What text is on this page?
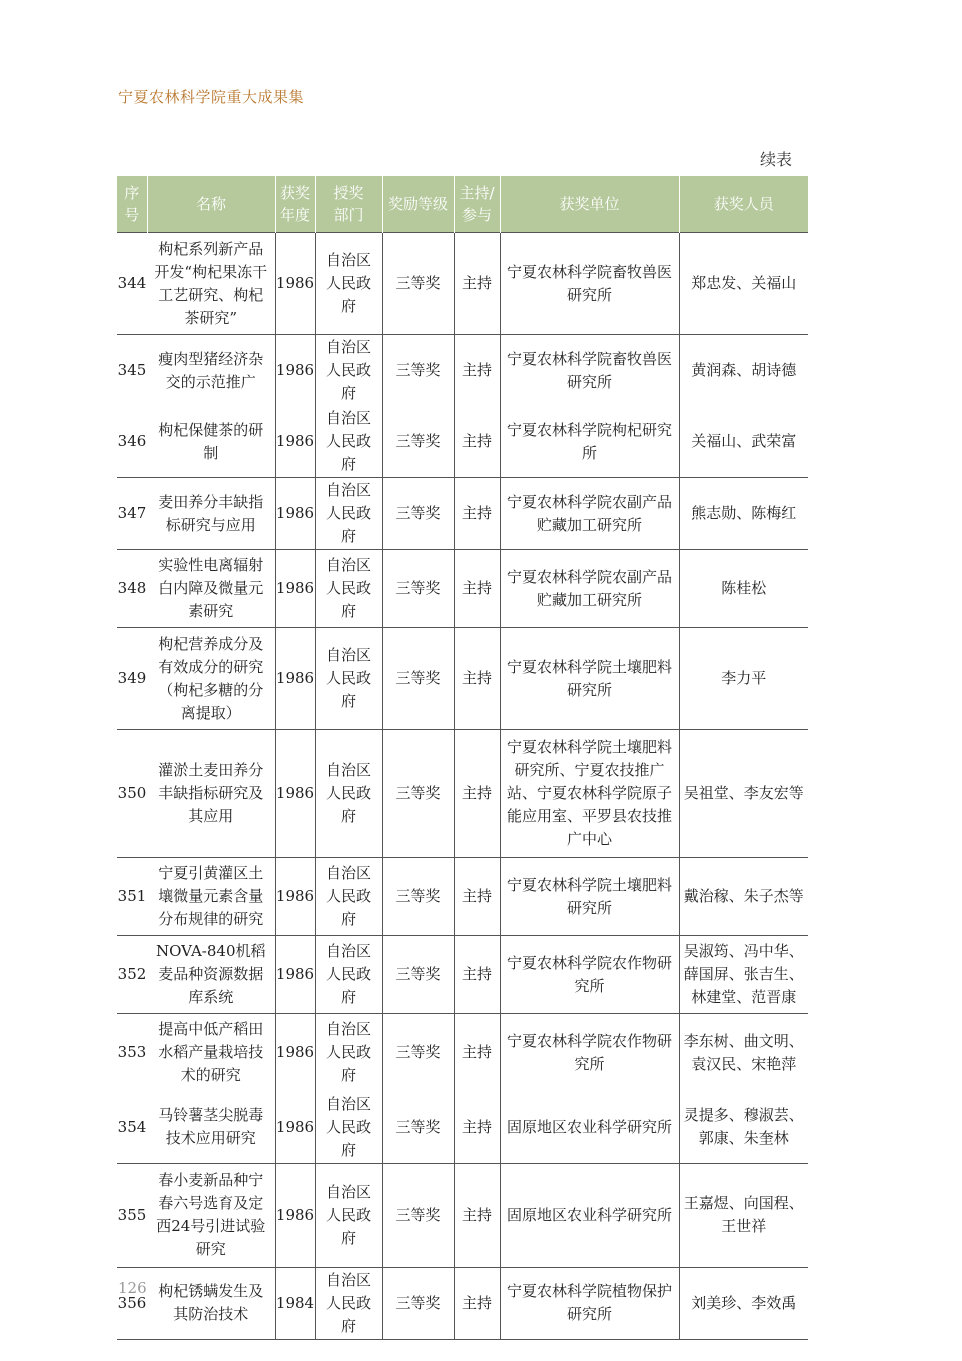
宁夏农林科学院重大成果集
续表
序号	名称	获奖年度	授奖部门	奖励等级	主持/参与	获奖单位	获奖人员
344	枸杞系列新产品开发“枸杞果冻干工艺研究、枸杞茶研究”	1986	自治区人民政府	三等奖	主持	宁夏农林科学院畜牧兽医研究所	郑忠发、关福山
345	瘦肉型猪经济杂交的示范推广	1986	自治区人民政府	三等奖	主持	宁夏农林科学院畜牧兽医研究所	黄润森、胡诗德
346	枸杞保健茶的研制	1986	自治区人民政府	三等奖	主持	宁夏农林科学院枸杞研究所	关福山、武荣富
347	麦田养分丰缺指标研究与应用	1986	自治区人民政府	三等奖	主持	宁夏农林科学院农副产品贮藏加工研究所	熊志勋、陈梅红
348	实验性电离辐射白内障及微量元素研究	1986	自治区人民政府	三等奖	主持	宁夏农林科学院农副产品贮藏加工研究所	陈桂松
349	枸杞营养成分及有效成分的研究（枸杞多糖的分离提取）	1986	自治区人民政府	三等奖	主持	宁夏农林科学院土壤肥料研究所	李力平
350	灌淤土麦田养分丰缺指标研究及其应用	1986	自治区人民政府	三等奖	主持	宁夏农林科学院土壤肥料研究所、宁夏农技推广站、宁夏农林科学院原子能应用室、平罗县农技推广中心	吴祖堂、李友宏等
351	宁夏引黄灌区土壤微量元素含量分布规律的研究	1986	自治区人民政府	三等奖	主持	宁夏农林科学院土壤肥料研究所	戴治稼、朱子杰等
352	NOVA-840机稻麦品种资源数据库系统	1986	自治区人民政府	三等奖	主持	宁夏农林科学院农作物研究所	吴淑筠、冯中华、薛国屏、张吉生、林建堂、范晋康
353	提高中低产稻田水稻产量栽培技术的研究	1986	自治区人民政府	三等奖	主持	宁夏农林科学院农作物研究所	李东树、曲文明、袁汉民、宋艳萍
354	马铃薯茎尖脱毒技术应用研究	1986	自治区人民政府	三等奖	主持	固原地区农业科学研究所	灵提多、穆淑芸、郭康、朱奎林
355	春小麦新品种宁春六号选育及定西24号引进试验研究	1986	自治区人民政府	三等奖	主持	固原地区农业科学研究所	王嘉煜、向国程、王世祥
356	枸杞锈螨发生及其防治技术	1984	自治区人民政府	三等奖	主持	宁夏农林科学院植物保护研究所	刘美珍、李效禹
126
